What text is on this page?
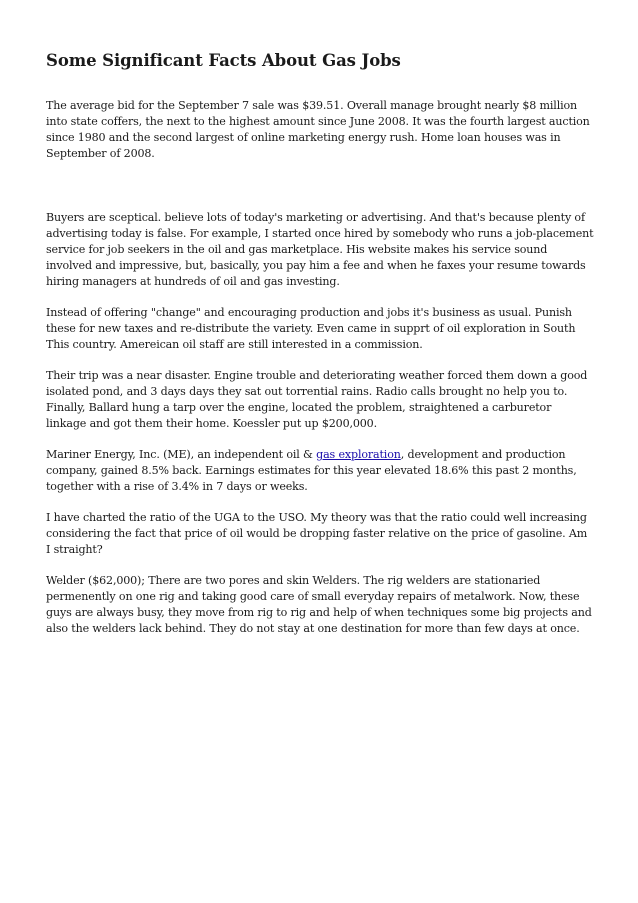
Some Significant Facts About Gas Jobs

The average bid for the September 7 sale was $39.51. Overall manage brought nearly $8 million into state coffers, the next to the highest amount since June 2008. It was the fourth largest auction since 1980 and the second largest of online marketing energy rush. Home loan houses was in September of 2008.

Buyers are sceptical. believe lots of today's marketing or advertising. And that's because plenty of advertising today is false. For example, I started once hired by somebody who runs a job-placement service for job seekers in the oil and gas marketplace. His website makes his service sound involved and impressive, but, basically, you pay him a fee and when he faxes your resume towards hiring managers at hundreds of oil and gas investing.

Instead of offering "change" and encouraging production and jobs it's business as usual. Punish these for new taxes and re-distribute the variety. Even came in supprt of oil exploration in South This country. Amereican oil staff are still interested in a commission.

Their trip was a near disaster. Engine trouble and deteriorating weather forced them down a good isolated pond, and 3 days days they sat out torrential rains. Radio calls brought no help you to. Finally, Ballard hung a tarp over the engine, located the problem, straightened a carburetor linkage and got them their home. Koessler put up $200,000.

Mariner Energy, Inc. (ME), an independent oil & gas exploration, development and production company, gained 8.5% back. Earnings estimates for this year elevated 18.6% this past 2 months, together with a rise of 3.4% in 7 days or weeks.

I have charted the ratio of the UGA to the USO. My theory was that the ratio could well increasing considering the fact that price of oil would be dropping faster relative on the price of gasoline. Am I straight?

Welder ($62,000); There are two pores and skin Welders. The rig welders are stationaried permenently on one rig and taking good care of small everyday repairs of metalwork. Now, these guys are always busy, they move from rig to rig and help of when techniques some big projects and also the welders lack behind. They do not stay at one destination for more than few days at once.
